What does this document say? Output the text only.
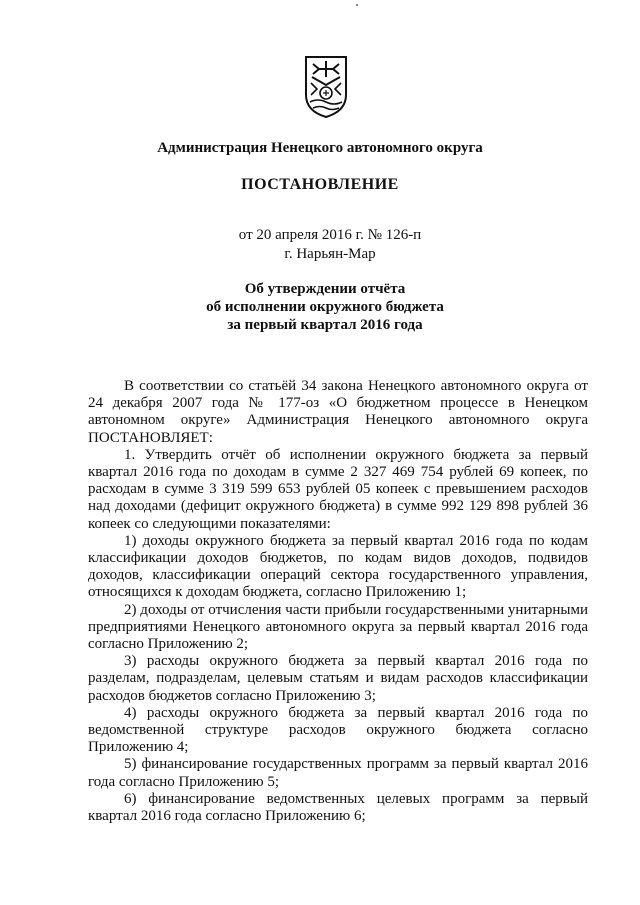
Администрация Ненецкого автономного округа
ПОСТАНОВЛЕНИЕ
от 20 апреля 2016 г. № 126-п
г. Нарьян-Мар
Об утверждении отчёта
об исполнении окружного бюджета
за первый квартал 2016 года

В соответствии со статьёй 34 закона Ненецкого автономного округа от 24 декабря 2007 года № 177-оз «О бюджетном процессе в Ненецком автономном округе» Администрация Ненецкого автономного округа ПОСТАНОВЛЯЕТ:

1. Утвердить отчёт об исполнении окружного бюджета за первый квартал 2016 года по доходам в сумме 2 327 469 754 рублей 69 копеек, по расходам в сумме 3 319 599 653 рублей 05 копеек с превышением расходов над доходами (дефицит окружного бюджета) в сумме 992 129 898 рублей 36 копеек со следующими показателями:

1) доходы окружного бюджета за первый квартал 2016 года по кодам классификации доходов бюджетов, по кодам видов доходов, подвидов доходов, классификации операций сектора государственного управления, относящихся к доходам бюджета, согласно Приложению 1;

2) доходы от отчисления части прибыли государственными унитарными предприятиями Ненецкого автономного округа за первый квартал 2016 года согласно Приложению 2;

3) расходы окружного бюджета за первый квартал 2016 года по разделам, подразделам, целевым статьям и видам расходов классификации расходов бюджетов согласно Приложению 3;

4) расходы окружного бюджета за первый квартал 2016 года по ведомственной структуре расходов окружного бюджета согласно Приложению 4;

5) финансирование государственных программ за первый квартал 2016 года согласно Приложению 5;

6) финансирование ведомственных целевых программ за первый квартал 2016 года согласно Приложению 6;
